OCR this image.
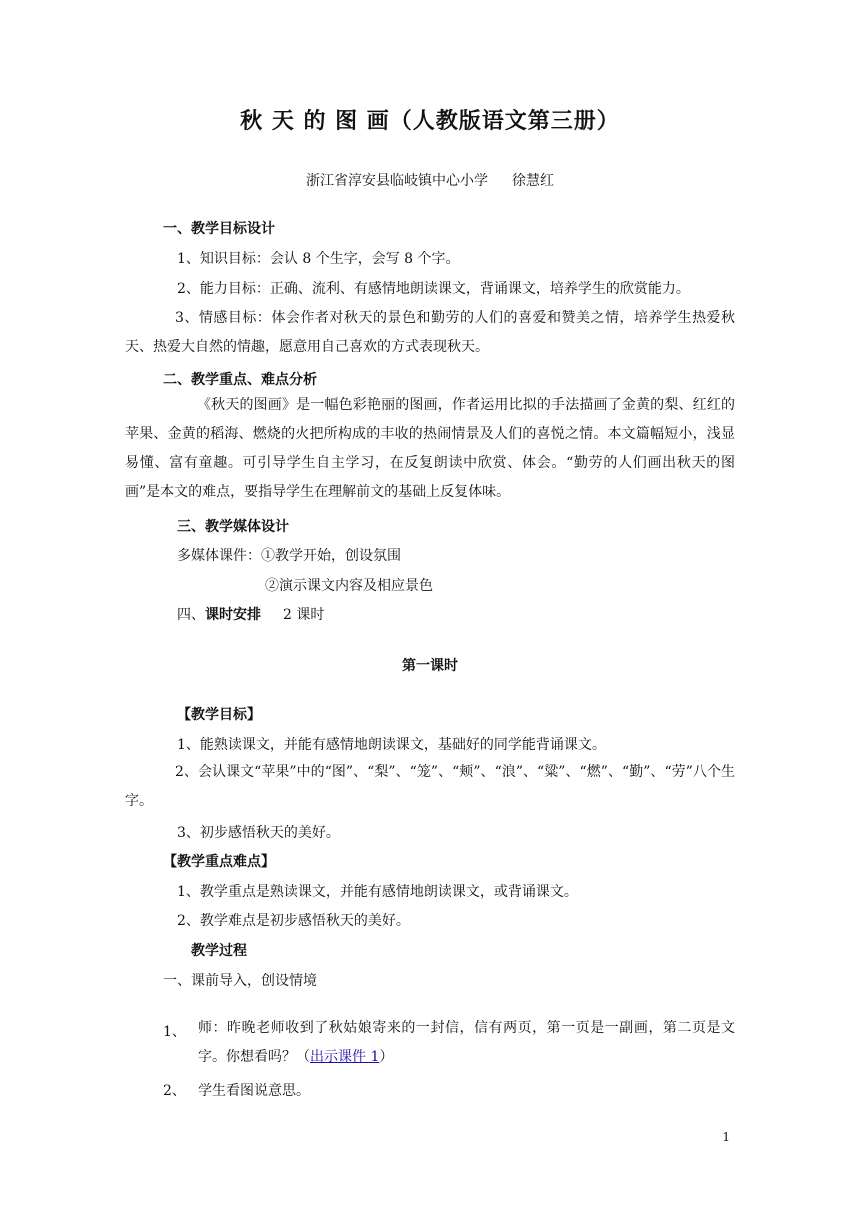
秋 天 的 图 画（人教版语文第三册）
浙江省淳安县临岐镇中心小学 徐慧红
一、教学目标设计
1、知识目标：会认 8 个生字，会写 8 个字。
2、能力目标：正确、流利、有感情地朗读课文，背诵课文，培养学生的欣赏能力。
3、情感目标：体会作者对秋天的景色和勤劳的人们的喜爱和赞美之情，培养学生热爱秋天、热爱大自然的情趣，愿意用自己喜欢的方式表现秋天。
二、教学重点、难点分析
《秋天的图画》是一幅色彩艳丽的图画，作者运用比拟的手法描画了金黄的梨、红红的苹果、金黄的稻海、燃烧的火把所构成的丰收的热闹情景及人们的喜悦之情。本文篇幅短小，浅显易懂、富有童趣。可引导学生自主学习，在反复朗读中欣赏、体会。“勤劳的人们画出秋天的图画”是本文的难点，要指导学生在理解前文的基础上反复体味。
三、教学媒体设计
多媒体课件：①教学开始，创设氛围
②演示课文内容及相应景色
四、课时安排 2 课时
第一课时
【教学目标】
1、能熟读课文，并能有感情地朗读课文，基础好的同学能背诵课文。
2、会认课文“苹果”中的“图”、“梨”、“笼”、“颊”、“浪”、“粱”、“燃”、“勤”、“劳”八个生字。
3、初步感悟秋天的美好。
【教学重点难点】
1、教学重点是熟读课文，并能有感情地朗读课文，或背诵课文。
2、教学难点是初步感悟秋天的美好。
教学过程
一、课前导入，创设情境
1、 师：昨晚老师收到了秋姑娘寄来的一封信，信有两页，第一页是一副画，第二页是文字。你想看吗？（出示课件 1）
2、 学生看图说意思。
1
